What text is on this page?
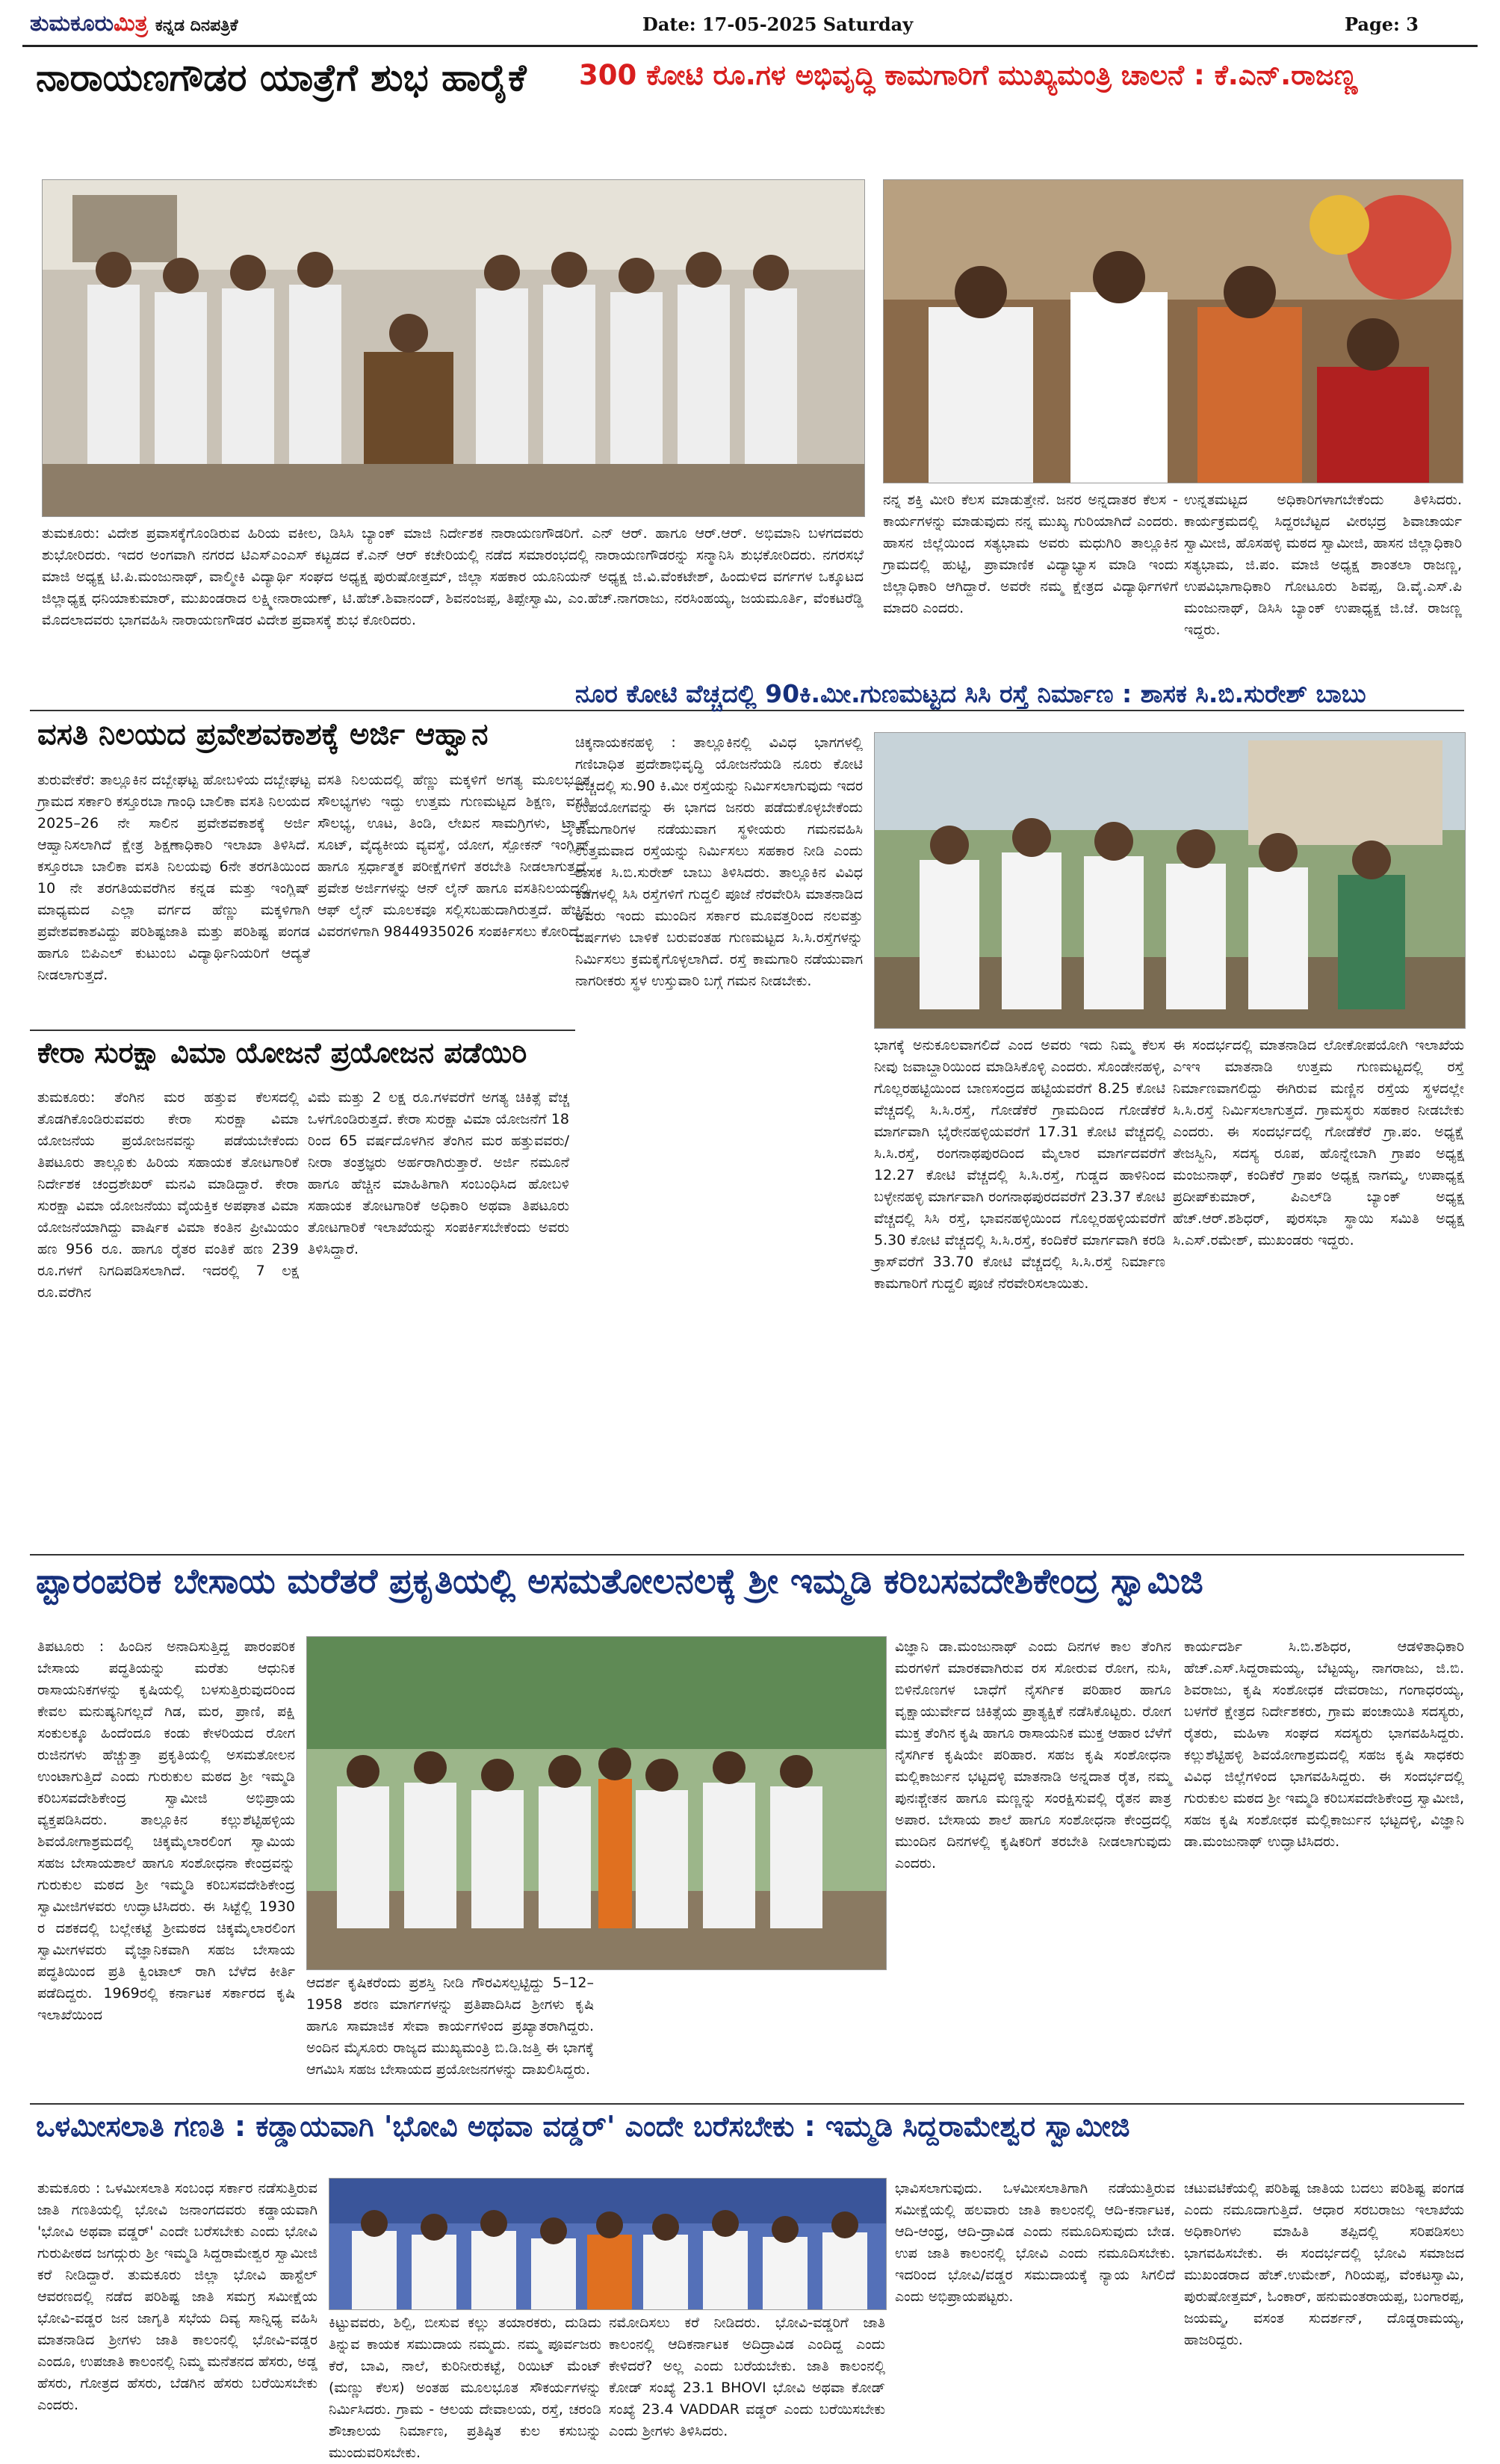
ತುಮಕೂರುಮಿತ್ರ ಕನ್ನಡ ದಿನಪತ್ರಿಕೆ	Date: 17-05-2025 Saturday	Page: 3
ನಾರಾಯಣಗೌಡರ ಯಾತ್ರೆಗೆ ಶುಭ ಹಾರೈಕೆ	300 ಕೋಟಿ ರೂ.ಗಳ ಅಭಿವೃದ್ಧಿ ಕಾಮಗಾರಿಗೆ ಮುಖ್ಯಮಂತ್ರಿ ಚಾಲನೆ : ಕೆ.ಎನ್.ರಾಜಣ್ಣ
ತುಮಕೂರು: ವಿದೇಶ ಪ್ರವಾಸಕ್ಕೆಗೊಂಡಿರುವ ಹಿರಿಯ ವಕೀಲ, ಡಿಸಿಸಿ ಬ್ಯಾಂಕ್ ಮಾಜಿ ನಿರ್ದೇಶಕ ನಾರಾಯಣಗೌಡರಿಗೆ. ಎನ್ ಆರ್. ಹಾಗೂ ಆರ್.ಆರ್. ಅಭಿಮಾನಿ ಬಳಗದವರು ಶುಭೋರಿದರು. ಇದರ ಅಂಗವಾಗಿ ನಗರದ ಟಿಎಸ್ಎಂಎಸ್ ಕಟ್ಟಡದ ಕೆ.ಎನ್ ಆರ್ ಕಚೇರಿಯಲ್ಲಿ ನಡೆದ ಸಮಾರಂಭದಲ್ಲಿ ನಾರಾಯಣಗೌಡರನ್ನು ಸನ್ಮಾನಿಸಿ ಶುಭಕೋರಿದರು. ನಗರಸಭೆ ಮಾಜಿ ಅಧ್ಯಕ್ಷ ಟಿ.ಪಿ.ಮಂಜುನಾಥ್, ವಾಲ್ಮೀಕಿ ವಿದ್ಯಾರ್ಥಿ ಸಂಘದ ಅಧ್ಯಕ್ಷ ಪುರುಷೋತ್ತಮ್, ಜಿಲ್ಲಾ ಸಹಕಾರ ಯೂನಿಯನ್ ಅಧ್ಯಕ್ಷ ಜಿ.ವಿ.ವೆಂಕಟೇಶ್, ಹಿಂದುಳಿದ ವರ್ಗಗಳ ಒಕ್ಕೂಟದ ಜಿಲ್ಲಾಧ್ಯಕ್ಷ ಧನಿಯಾಕುಮಾರ್, ಮುಖಂಡರಾದ ಲಕ್ಷ್ಮೀನಾರಾಯಣ್, ಟಿ.ಹೆಚ್.ಶಿವಾನಂದ್, ಶಿವನಂಜಪ್ಪ, ತಿಪ್ಪೇಸ್ವಾಮಿ, ಎಂ.ಹೆಚ್.ನಾಗರಾಜು, ನರಸಿಂಹಯ್ಯ, ಜಯಮೂರ್ತಿ, ವೆಂಕಟರೆಡ್ಡಿ ಮೊದಲಾದವರು ಭಾಗವಹಿಸಿ ನಾರಾಯಣಗೌಡರ ವಿದೇಶ ಪ್ರವಾಸಕ್ಕೆ ಶುಭ ಕೋರಿದರು.
ನನ್ನ ಶಕ್ತಿ ಮೀರಿ ಕೆಲಸ ಮಾಡುತ್ತೇನೆ. ಜನರ ಅನ್ನದಾತರ ಕೆಲಸ - ಕಾರ್ಯಗಳನ್ನು ಮಾಡುವುದು ನನ್ನ ಮುಖ್ಯ ಗುರಿಯಾಗಿದೆ ಎಂದರು. ಹಾಸನ ಜಿಲ್ಲೆಯಿಂದ ಸತ್ಯಭಾಮ ಅವರು ಮಧುಗಿರಿ ತಾಲ್ಲೂಕಿನ ಗ್ರಾಮದಲ್ಲಿ ಹುಟ್ಟಿ, ಪ್ರಾಮಾಣಿಕ ವಿದ್ಯಾಭ್ಯಾಸ ಮಾಡಿ ಇಂದು ಜಿಲ್ಲಾಧಿಕಾರಿ ಆಗಿದ್ದಾರೆ. ಅವರೇ ನಮ್ಮ ಕ್ಷೇತ್ರದ ವಿದ್ಯಾರ್ಥಿಗಳಿಗೆ ಮಾದರಿ ಎಂದರು.
ಉನ್ನತಮಟ್ಟದ ಅಧಿಕಾರಿಗಳಾಗಬೇಕೆಂದು ತಿಳಿಸಿದರು. ಕಾರ್ಯಕ್ರಮದಲ್ಲಿ ಸಿದ್ದರಬೆಟ್ಟದ ವೀರಭದ್ರ ಶಿವಾಚಾರ್ಯ ಸ್ವಾಮೀಜಿ, ಹೊಸಹಳ್ಳಿ ಮಠದ ಸ್ವಾಮೀಜಿ, ಹಾಸನ ಜಿಲ್ಲಾಧಿಕಾರಿ ಸತ್ಯಭಾಮ, ಜಿ.ಪಂ. ಮಾಜಿ ಅಧ್ಯಕ್ಷ ಶಾಂತಲಾ ರಾಜಣ್ಣ, ಉಪವಿಭಾಗಾಧಿಕಾರಿ ಗೋಟೂರು ಶಿವಪ್ಪ, ಡಿ.ವೈ.ಎಸ್.ಪಿ ಮಂಜುನಾಥ್, ಡಿಸಿಸಿ ಬ್ಯಾಂಕ್ ಉಪಾಧ್ಯಕ್ಷ ಜಿ.ಜೆ. ರಾಜಣ್ಣ ಇದ್ದರು.
ವಸತಿ ನಿಲಯದ ಪ್ರವೇಶವಕಾಶಕ್ಕೆ ಅರ್ಜಿ ಆಹ್ವಾನ
ನೂರ ಕೋಟಿ ವೆಚ್ಚದಲ್ಲಿ 90ಕಿ.ಮೀ.ಗುಣಮಟ್ಟದ ಸಿಸಿ ರಸ್ತೆ ನಿರ್ಮಾಣ : ಶಾಸಕ ಸಿ.ಬಿ.ಸುರೇಶ್ ಬಾಬು
ತುರುವೇಕೆರೆ: ತಾಲ್ಲೂಕಿನ ದಬ್ಬೇಘಟ್ಟ ಹೋಬಳಿಯ ದಬ್ಬೇಘಟ್ಟ ಗ್ರಾಮದ ಸರ್ಕಾರಿ ಕಸ್ತೂರಬಾ ಗಾಂಧಿ ಬಾಲಿಕಾ ವಸತಿ ನಿಲಯದ 2025–26 ನೇ ಸಾಲಿನ ಪ್ರವೇಶವಕಾಶಕ್ಕೆ ಅರ್ಜಿ ಆಹ್ವಾನಿಸಲಾಗಿದೆ ಕ್ಷೇತ್ರ ಶಿಕ್ಷಣಾಧಿಕಾರಿ ಇಲಾಖಾ ತಿಳಿಸಿದೆ. ಕಸ್ತೂರಬಾ ಬಾಲಿಕಾ ವಸತಿ ನಿಲಯವು 6ನೇ ತರಗತಿಯಿಂದ 10 ನೇ ತರಗತಿಯವರೆಗಿನ ಕನ್ನಡ ಮತ್ತು ಇಂಗ್ಲಿಷ್ ಮಾಧ್ಯಮದ ಎಲ್ಲಾ ವರ್ಗದ ಹೆಣ್ಣು ಮಕ್ಕಳಿಗಾಗಿ ಪ್ರವೇಶವಕಾಶವಿದ್ದು ಪರಿಶಿಷ್ಟಜಾತಿ ಮತ್ತು ಪರಿಶಿಷ್ಟ ಪಂಗಡ ಹಾಗೂ ಬಿಪಿಎಲ್ ಕುಟುಂಬ ವಿದ್ಯಾರ್ಥಿನಿಯರಿಗೆ ಆದ್ಯತೆ ನೀಡಲಾಗುತ್ತದೆ.
ವಸತಿ ನಿಲಯದಲ್ಲಿ ಹೆಣ್ಣು ಮಕ್ಕಳಿಗೆ ಅಗತ್ಯ ಮೂಲಭೂತ ಸೌಲಭ್ಯಗಳು ಇದ್ದು ಉತ್ತಮ ಗುಣಮಟ್ಟದ ಶಿಕ್ಷಣ, ವಸತಿ ಸೌಲಭ್ಯ, ಊಟ, ತಿಂಡಿ, ಲೇಖನ ಸಾಮಗ್ರಿಗಳು, ಟ್ರ್ಯಾಕ್ ಸೂಟ್, ವೈದ್ಯಕೀಯ ವ್ಯವಸ್ಥೆ, ಯೋಗ, ಸ್ಪೋಕನ್ ಇಂಗ್ಲಿಷ್ ಹಾಗೂ ಸ್ಪರ್ಧಾತ್ಮಕ ಪರೀಕ್ಷೆಗಳಿಗೆ ತರಬೇತಿ ನೀಡಲಾಗುತ್ತದೆ. ಪ್ರವೇಶ ಅರ್ಜಿಗಳನ್ನು ಆನ್ ಲೈನ್ ಹಾಗೂ ವಸತಿನಿಲಯದಲ್ಲಿ ಆಫ್ ಲೈನ್ ಮೂಲಕವೂ ಸಲ್ಲಿಸಬಹುದಾಗಿರುತ್ತದೆ. ಹೆಚ್ಚಿನ ವಿವರಗಳಿಗಾಗಿ 9844935026 ಸಂಪರ್ಕಿಸಲು ಕೋರಿದೆ.
ಚಿಕ್ಕನಾಯಕನಹಳ್ಳಿ : ತಾಲ್ಲೂಕಿನಲ್ಲಿ ವಿವಿಧ ಭಾಗಗಳಲ್ಲಿ ಗಣಿಬಾಧಿತ ಪ್ರದೇಶಾಭಿವೃದ್ಧಿ ಯೋಜನೆಯಡಿ ನೂರು ಕೋಟಿ ವೆಚ್ಚದಲ್ಲಿ ಸು.90 ಕಿ.ಮೀ ರಸ್ತೆಯನ್ನು ನಿರ್ಮಿಸಲಾಗುವುದು ಇದರ ಉಪಯೋಗವನ್ನು ಈ ಭಾಗದ ಜನರು ಪಡೆದುಕೊಳ್ಳಬೇಕೆಂದು ಕಾಮಗಾರಿಗಳ ನಡೆಯುವಾಗ ಸ್ಥಳೀಯರು ಗಮನವಹಿಸಿ ಉತ್ತಮವಾದ ರಸ್ತೆಯನ್ನು ನಿರ್ಮಿಸಲು ಸಹಕಾರ ನೀಡಿ ಎಂದು ಶಾಸಕ ಸಿ.ಬಿ.ಸುರೇಶ್ ಬಾಬು ತಿಳಿಸಿದರು. ತಾಲ್ಲೂಕಿನ ವಿವಿಧ ಕಡೆಗಳಲ್ಲಿ ಸಿಸಿ ರಸ್ತೆಗಳಿಗೆ ಗುದ್ದಲಿ ಪೂಜೆ ನೆರವೇರಿಸಿ ಮಾತನಾಡಿದ ಅವರು ಇಂದು ಮುಂದಿನ ಸರ್ಕಾರ ಮೂವತ್ತರಿಂದ ನಲವತ್ತು ವರ್ಷಗಳು ಬಾಳಿಕೆ ಬರುವಂತಹ ಗುಣಮಟ್ಟದ ಸಿ.ಸಿ.ರಸ್ತೆಗಳನ್ನು ನಿರ್ಮಿಸಲು ಕ್ರಮಕೈಗೊಳ್ಳಲಾಗಿದೆ. ರಸ್ತೆ ಕಾಮಗಾರಿ ನಡೆಯುವಾಗ ನಾಗರೀಕರು ಸ್ಥಳ ಉಸ್ತುವಾರಿ ಬಗ್ಗೆ ಗಮನ ನೀಡಬೇಕು.
ಭಾಗಕ್ಕೆ ಅನುಕೂಲವಾಗಲಿದೆ ಎಂದ ಅವರು ಇದು ನಿಮ್ಮ ಕೆಲಸ ನೀವು ಜವಾಬ್ದಾರಿಯಿಂದ ಮಾಡಿಸಿಕೊಳ್ಳಿ ಎಂದರು. ಸೊಂಡೇನಹಳ್ಳಿ, ಗೊಲ್ಲರಹಟ್ಟಿಯಿಂದ ಬಾಣಸಂದ್ರದ ಹಟ್ಟಿಯವರೆಗೆ 8.25 ಕೋಟಿ ವೆಚ್ಚದಲ್ಲಿ ಸಿ.ಸಿ.ರಸ್ತೆ, ಗೋಡೆಕೆರೆ ಗ್ರಾಮದಿಂದ ಗೋಡೆಕೆರೆ ಮಾರ್ಗವಾಗಿ ಭೈರೇನಹಳ್ಳಿಯವರೆಗೆ 17.31 ಕೋಟಿ ವೆಚ್ಚದಲ್ಲಿ ಸಿ.ಸಿ.ರಸ್ತೆ, ರಂಗನಾಥಪುರದಿಂದ ಮೈಲಾರ ಮಾರ್ಗದವರೆಗೆ 12.27 ಕೋಟಿ ವೆಚ್ಚದಲ್ಲಿ ಸಿ.ಸಿ.ರಸ್ತೆ, ಗುಡ್ಡದ ಹಾಳಿನಿಂದ ಬಳ್ಳೇನಹಳ್ಳಿ ಮಾರ್ಗವಾಗಿ ರಂಗನಾಥಪುರದವರೆಗೆ 23.37 ಕೋಟಿ ವೆಚ್ಚದಲ್ಲಿ ಸಿಸಿ ರಸ್ತೆ, ಭಾವನಹಳ್ಳಿಯಿಂದ ಗೊಲ್ಲರಹಳ್ಳಿಯವರೆಗೆ 5.30 ಕೋಟಿ ವೆಚ್ಚದಲ್ಲಿ ಸಿ.ಸಿ.ರಸ್ತೆ, ಕಂದಿಕೆರೆ ಮಾರ್ಗವಾಗಿ ಕರಡಿ ಕ್ರಾಸ್‌ವರೆಗೆ 33.70 ಕೋಟಿ ವೆಚ್ಚದಲ್ಲಿ ಸಿ.ಸಿ.ರಸ್ತೆ ನಿರ್ಮಾಣ ಕಾಮಗಾರಿಗೆ ಗುದ್ದಲಿ ಪೂಜೆ ನೆರವೇರಿಸಲಾಯಿತು.
ಈ ಸಂದರ್ಭದಲ್ಲಿ ಮಾತನಾಡಿದ ಲೋಕೋಪಯೋಗಿ ಇಲಾಖೆಯ ಎಇಇ ಮಾತನಾಡಿ ಉತ್ತಮ ಗುಣಮಟ್ಟದಲ್ಲಿ ರಸ್ತೆ ನಿರ್ಮಾಣವಾಗಲಿದ್ದು ಈಗಿರುವ ಮಣ್ಣಿನ ರಸ್ತೆಯ ಸ್ಥಳದಲ್ಲೇ ಸಿ.ಸಿ.ರಸ್ತೆ ನಿರ್ಮಿಸಲಾಗುತ್ತದೆ. ಗ್ರಾಮಸ್ಥರು ಸಹಕಾರ ನೀಡಬೇಕು ಎಂದರು. ಈ ಸಂದರ್ಭದಲ್ಲಿ ಗೋಡೆಕೆರೆ ಗ್ರಾ.ಪಂ. ಅಧ್ಯಕ್ಷೆ ತೇಜಸ್ವಿನಿ, ಸದಸ್ಯ ರೂಪ, ಹೊನ್ನೇಬಾಗಿ ಗ್ರಾಪಂ ಅಧ್ಯಕ್ಷ ಮಂಜುನಾಥ್, ಕಂದಿಕೆರೆ ಗ್ರಾಪಂ ಅಧ್ಯಕ್ಷ ನಾಗಮ್ಮ, ಉಪಾಧ್ಯಕ್ಷ ಪ್ರದೀಪ್‌ಕುಮಾರ್, ಪಿಎಲ್‌ಡಿ ಬ್ಯಾಂಕ್ ಅಧ್ಯಕ್ಷ ಹೆಚ್.ಆರ್.ಶಶಿಧರ್, ಪುರಸಭಾ ಸ್ಥಾಯಿ ಸಮಿತಿ ಅಧ್ಯಕ್ಷ ಸಿ.ಎಸ್.ರಮೇಶ್, ಮುಖಂಡರು ಇದ್ದರು.
ಕೇರಾ ಸುರಕ್ಷಾ ವಿಮಾ ಯೋಜನೆ ಪ್ರಯೋಜನ ಪಡೆಯಿರಿ
ತುಮಕೂರು: ತೆಂಗಿನ ಮರ ಹತ್ತುವ ಕೆಲಸದಲ್ಲಿ ತೊಡಗಿಕೊಂಡಿರುವವರು ಕೇರಾ ಸುರಕ್ಷಾ ವಿಮಾ ಯೋಜನೆಯ ಪ್ರಯೋಜನವನ್ನು ಪಡೆಯಬೇಕೆಂದು ತಿಪಟೂರು ತಾಲ್ಲೂಕು ಹಿರಿಯ ಸಹಾಯಕ ತೋಟಗಾರಿಕೆ ನಿರ್ದೇಶಕ ಚಂದ್ರಶೇಖರ್ ಮನವಿ ಮಾಡಿದ್ದಾರೆ. ಕೇರಾ ಸುರಕ್ಷಾ ವಿಮಾ ಯೋಜನೆಯು ವೈಯಕ್ತಿಕ ಅಪಘಾತ ವಿಮಾ ಯೋಜನೆಯಾಗಿದ್ದು ವಾರ್ಷಿಕ ವಿಮಾ ಕಂತಿನ ಪ್ರೀಮಿಯಂ ಹಣ 956 ರೂ. ಹಾಗೂ ರೈತರ ವಂತಿಕೆ ಹಣ 239 ರೂ.ಗಳಗೆ ನಿಗದಿಪಡಿಸಲಾಗಿದೆ. ಇದರಲ್ಲಿ 7 ಲಕ್ಷ ರೂ.ವರೆಗಿನ
ವಿಮೆ ಮತ್ತು 2 ಲಕ್ಷ ರೂ.ಗಳವರೆಗೆ ಅಗತ್ಯ ಚಿಕಿತ್ಸೆ ವೆಚ್ಚ ಒಳಗೊಂಡಿರುತ್ತದೆ. ಕೇರಾ ಸುರಕ್ಷಾ ವಿಮಾ ಯೋಜನೆಗೆ 18 ರಿಂದ 65 ವರ್ಷದೊಳಗಿನ ತೆಂಗಿನ ಮರ ಹತ್ತುವವರು/ ನೀರಾ ತಂತ್ರಜ್ಞರು ಅರ್ಹರಾಗಿರುತ್ತಾರೆ. ಅರ್ಜಿ ನಮೂನೆ ಹಾಗೂ ಹೆಚ್ಚಿನ ಮಾಹಿತಿಗಾಗಿ ಸಂಬಂಧಿಸಿದ ಹೋಬಳಿ ಸಹಾಯಕ ತೋಟಗಾರಿಕೆ ಅಧಿಕಾರಿ ಅಥವಾ ತಿಪಟೂರು ತೋಟಗಾರಿಕೆ ಇಲಾಖೆಯನ್ನು ಸಂಪರ್ಕಿಸಬೇಕೆಂದು ಅವರು ತಿಳಿಸಿದ್ದಾರೆ.
ಪ್ಟಾರಂಪರಿಕ ಬೇಸಾಯ ಮರೆತರೆ ಪ್ರಕೃತಿಯಲ್ಲಿ ಅಸಮತೋಲನಲಕ್ಕೆ ಶ್ರೀ ಇಮ್ಮಡಿ ಕರಿಬಸವದೇಶಿಕೇಂದ್ರ ಸ್ವಾಮಿಜಿ
ತಿಪಟೂರು : ಹಿಂದಿನ ಅನಾದಿಸುತ್ತಿದ್ದ ಪಾರಂಪರಿಕ ಬೇಸಾಯ ಪದ್ಧತಿಯನ್ನು ಮರೆತು ಆಧುನಿಕ ರಾಸಾಯನಿಕಗಳನ್ನು ಕೃಷಿಯಲ್ಲಿ ಬಳಸುತ್ತಿರುವುದರಿಂದ ಕೇವಲ ಮನುಷ್ಯನಿಗಲ್ಲದೆ ಗಿಡ, ಮರ, ಪ್ರಾಣಿ, ಪಕ್ಷಿ ಸಂಕುಲಕ್ಕೂ ಹಿಂದೆಂದೂ ಕಂಡು ಕೇಳರಿಯದ ರೋಗ ರುಜಿನಗಳು ಹೆಚ್ಚುತ್ತಾ ಪ್ರಕೃತಿಯಲ್ಲಿ ಅಸಮತೋಲನ ಉಂಟಾಗುತ್ತಿದೆ ಎಂದು ಗುರುಕುಲ ಮಠದ ಶ್ರೀ ಇಮ್ಮಡಿ ಕರಿಬಸವದೇಶಿಕೇಂದ್ರ ಸ್ವಾಮೀಜಿ ಅಭಿಪ್ರಾಯ ವ್ಯಕ್ತಪಡಿಸಿದರು. ತಾಲ್ಲೂಕಿನ ಕಲ್ಲುಶೆಟ್ಟಿಹಳ್ಳಿಯ ಶಿವಯೋಗಾಶ್ರಮದಲ್ಲಿ ಚಿಕ್ಕಮೈಲಾರಲಿಂಗ ಸ್ವಾಮಿಯ ಸಹಜ ಬೇಸಾಯಶಾಲೆ ಹಾಗೂ ಸಂಶೋಧನಾ ಕೇಂದ್ರವನ್ನು ಗುರುಕುಲ ಮಠದ ಶ್ರೀ ಇಮ್ಮಡಿ ಕರಿಬಸವದೇಶಿಕೇಂದ್ರ ಸ್ವಾಮೀಜಿಗಳವರು ಉದ್ಘಾಟಿಸಿದರು. ಈ ಸಿಟ್ಟೆಲ್ಲಿ 1930 ರ ದಶಕದಲ್ಲಿ ಬಲ್ಲೇಕಟ್ಟೆ ಶ್ರೀಮಠದ ಚಿಕ್ಕಮೈಲಾರಲಿಂಗ ಸ್ವಾಮೀಗಳವರು ವೈಜ್ಞಾನಿಕವಾಗಿ ಸಹಜ ಬೇಸಾಯ ಪದ್ಧತಿಯಿಂದ ಪ್ರತಿ ಕ್ವಿಂಟಾಲ್ ರಾಗಿ ಬೆಳೆದ ಕೀರ್ತಿ ಪಡೆದಿದ್ದರು. 1969ರಲ್ಲಿ ಕರ್ನಾಟಕ ಸರ್ಕಾರದ ಕೃಷಿ ಇಲಾಖೆಯಿಂದ
ಆದರ್ಶ ಕೃಷಿಕರೆಂದು ಪ್ರಶಸ್ತಿ ನೀಡಿ ಗೌರವಿಸಲ್ಪಟ್ಟಿದ್ದು 5–12–1958 ಶರಣ ಮಾರ್ಗಗಳನ್ನು ಪ್ರತಿಪಾದಿಸಿದ ಶ್ರೀಗಳು ಕೃಷಿ ಹಾಗೂ ಸಾಮಾಜಿಕ ಸೇವಾ ಕಾರ್ಯಗಳಿಂದ ಪ್ರಖ್ಯಾತರಾಗಿದ್ದರು. ಅಂದಿನ ಮೈಸೂರು ರಾಜ್ಯದ ಮುಖ್ಯಮಂತ್ರಿ ಬಿ.ಡಿ.ಜತ್ತಿ ಈ ಭಾಗಕ್ಕೆ ಆಗಮಿಸಿ ಸಹಜ ಬೇಸಾಯದ ಪ್ರಯೋಜನಗಳನ್ನು ದಾಖಲಿಸಿದ್ದರು.
ವಿಜ್ಞಾನಿ ಡಾ.ಮಂಜುನಾಥ್ ಎಂದು ದಿನಗಳ ಕಾಲ ತೆಂಗಿನ ಮರಗಳಿಗೆ ಮಾರಕವಾಗಿರುವ ರಸ ಸೋರುವ ರೋಗ, ನುಸಿ, ಬಿಳಿನೊಣಗಳ ಬಾಧೆಗೆ ನೈಸರ್ಗಿಕ ಪರಿಹಾರ ಹಾಗೂ ವೃಕ್ಷಾಯುರ್ವೇದ ಚಿಕಿತ್ಸೆಯ ಪ್ರಾತ್ಯಕ್ಷಿಕೆ ನಡೆಸಿಕೊಟ್ಟರು. ರೋಗ ಮುಕ್ತ ತೆಂಗಿನ ಕೃಷಿ ಹಾಗೂ ರಾಸಾಯನಿಕ ಮುಕ್ತ ಆಹಾರ ಬೆಳೆಗೆ ನೈಸರ್ಗಿಕ ಕೃಷಿಯೇ ಪರಿಹಾರ. ಸಹಜ ಕೃಷಿ ಸಂಶೋಧನಾ ಮಲ್ಲಿಕಾರ್ಜುನ ಭಟ್ಟದಳ್ಳಿ ಮಾತನಾಡಿ ಅನ್ನದಾತ ರೈತ, ನಮ್ಮ ಪುನಃಶ್ಚೇತನ ಹಾಗೂ ಮಣ್ಣನ್ನು ಸಂರಕ್ಷಿಸುವಲ್ಲಿ ರೈತನ ಪಾತ್ರ ಅಪಾರ. ಬೇಸಾಯ ಶಾಲೆ ಹಾಗೂ ಸಂಶೋಧನಾ ಕೇಂದ್ರದಲ್ಲಿ ಮುಂದಿನ ದಿನಗಳಲ್ಲಿ ಕೃಷಿಕರಿಗೆ ತರಬೇತಿ ನೀಡಲಾಗುವುದು ಎಂದರು.
ಕಾರ್ಯದರ್ಶಿ ಸಿ.ಬಿ.ಶಶಿಧರ, ಆಡಳಿತಾಧಿಕಾರಿ ಹೆಚ್.ಎಸ್.ಸಿದ್ದರಾಮಯ್ಯ, ಬೆಟ್ಟಯ್ಯ, ನಾಗರಾಜು, ಜಿ.ಬಿ. ಶಿವರಾಜು, ಕೃಷಿ ಸಂಶೋಧಕ ದೇವರಾಜು, ಗಂಗಾಧರಯ್ಯ, ಬಳಗೆರೆ ಕ್ಷೇತ್ರದ ನಿರ್ದೇಶಕರು, ಗ್ರಾಮ ಪಂಚಾಯಿತಿ ಸದಸ್ಯರು, ರೈತರು, ಮಹಿಳಾ ಸಂಘದ ಸದಸ್ಯರು ಭಾಗವಹಿಸಿದ್ದರು. ಕಲ್ಲುಶೆಟ್ಟಿಹಳ್ಳಿ ಶಿವಯೋಗಾಶ್ರಮದಲ್ಲಿ ಸಹಜ ಕೃಷಿ ಸಾಧಕರು ವಿವಿಧ ಜಿಲ್ಲೆಗಳಿಂದ ಭಾಗವಹಿಸಿದ್ದರು. ಈ ಸಂದರ್ಭದಲ್ಲಿ ಗುರುಕುಲ ಮಠದ ಶ್ರೀ ಇಮ್ಮಡಿ ಕರಿಬಸವದೇಶಿಕೇಂದ್ರ ಸ್ವಾಮೀಜಿ, ಸಹಜ ಕೃಷಿ ಸಂಶೋಧಕ ಮಲ್ಲಿಕಾರ್ಜುನ ಭಟ್ಟದಳ್ಳಿ, ವಿಜ್ಞಾನಿ ಡಾ.ಮಂಜುನಾಥ್ ಉದ್ಘಾಟಿಸಿದರು.
ಒಳಮೀಸಲಾತಿ ಗಣತಿ : ಕಡ್ಡಾಯವಾಗಿ 'ಭೋವಿ ಅಥವಾ ವಡ್ಡರ್' ಎಂದೇ ಬರೆಸಬೇಕು : ಇಮ್ಮಡಿ ಸಿದ್ದರಾಮೇಶ್ವರ ಸ್ವಾಮೀಜಿ
ತುಮಕೂರು : ಒಳಮೀಸಲಾತಿ ಸಂಬಂಧ ಸರ್ಕಾರ ನಡೆಸುತ್ತಿರುವ ಜಾತಿ ಗಣತಿಯಲ್ಲಿ ಭೋವಿ ಜನಾಂಗದವರು ಕಡ್ಡಾಯವಾಗಿ 'ಭೋವಿ ಅಥವಾ ವಡ್ಡರ್' ಎಂದೇ ಬರೆಸಬೇಕು ಎಂದು ಭೋವಿ ಗುರುಪೀಠದ ಜಗದ್ಗುರು ಶ್ರೀ ಇಮ್ಮಡಿ ಸಿದ್ದರಾಮೇಶ್ವರ ಸ್ವಾಮೀಜಿ ಕರೆ ನೀಡಿದ್ದಾರೆ. ತುಮಕೂರು ಜಿಲ್ಲಾ ಭೋವಿ ಹಾಸ್ಟೆಲ್ ಆವರಣದಲ್ಲಿ ನಡೆದ ಪರಿಶಿಷ್ಟ ಜಾತಿ ಸಮಗ್ರ ಸಮೀಕ್ಷೆಯ ಭೋವಿ-ವಡ್ಡರ ಜನ ಜಾಗೃತಿ ಸಭೆಯ ದಿವ್ಯ ಸಾನ್ನಿಧ್ಯ ವಹಿಸಿ ಮಾತನಾಡಿದ ಶ್ರೀಗಳು ಜಾತಿ ಕಾಲಂನಲ್ಲಿ ಭೋವಿ-ವಡ್ಡರ ಎಂದೂ, ಉಪಜಾತಿ ಕಾಲಂನಲ್ಲಿ ನಿಮ್ಮ ಮನೆತನದ ಹೆಸರು, ಅಡ್ಡ ಹೆಸರು, ಗೋತ್ರದ ಹೆಸರು, ಬೆಡಗಿನ ಹೆಸರು ಬರೆಯಿಸಬೇಕು ಎಂದರು.
ಕಿಟ್ಟುವವರು, ಶಿಲ್ಪಿ, ಬೀಸುವ ಕಲ್ಲು ತಯಾರಕರು, ದುಡಿದು ತಿನ್ನುವ ಕಾಯಕ ಸಮುದಾಯ ನಮ್ಮದು. ನಮ್ಮ ಪೂರ್ವಜರು ಕೆರೆ, ಬಾವಿ, ನಾಲೆ, ಕುರಿನೀರುಕಟ್ಟೆ, ರಿಯಿಟ್ ಮೆಂಟ್ (ಮಣ್ಣು ಕೆಲಸ) ಅಂತಹ ಮೂಲಭೂತ ಸೌಕರ್ಯಗಳನ್ನು ನಿರ್ಮಿಸಿದರು. ಗ್ರಾಮ - ಆಲಯ ದೇವಾಲಯ, ರಸ್ತೆ, ಚರಂಡಿ ಶೌಚಾಲಯ ನಿರ್ಮಾಣ, ಪ್ರತಿಷ್ಠಿತ ಕುಲ ಕಸುಬನ್ನು ಮುಂದುವರಿಸಬೇಕು.
ನಮೋದಿಸಲು ಕರೆ ನೀಡಿದರು. ಭೋವಿ-ವಡ್ಡರಿಗೆ ಜಾತಿ ಕಾಲಂನಲ್ಲಿ ಆದಿಕರ್ನಾಟಕ ಅದಿದ್ರಾವಿಡ ಎಂದಿದ್ದ ಎಂದು ಕೇಳಿದರೆ? ಅಲ್ಲ ಎಂದು ಬರೆಯಬೇಕು. ಜಾತಿ ಕಾಲಂನಲ್ಲಿ ಕೋಡ್ ಸಂಖ್ಯೆ 23.1 BHOVI ಭೋವಿ ಅಥವಾ ಕೋಡ್ ಸಂಖ್ಯೆ 23.4 VADDAR ವಡ್ಡರ್ ಎಂದು ಬರೆಯಿಸಬೇಕು ಎಂದು ಶ್ರೀಗಳು ತಿಳಿಸಿದರು.
ಭಾವಿಸಲಾಗುವುದು. ಒಳಮೀಸಲಾತಿಗಾಗಿ ನಡೆಯುತ್ತಿರುವ ಸಮೀಕ್ಷೆಯಲ್ಲಿ ಹಲವಾರು ಜಾತಿ ಕಾಲಂನಲ್ಲಿ ಆದಿ-ಕರ್ನಾಟಕ, ಆದಿ-ಆಂಧ್ರ, ಆದಿ-ದ್ರಾವಿಡ ಎಂದು ನಮೂದಿಸುವುದು ಬೇಡ. ಉಪ ಜಾತಿ ಕಾಲಂನಲ್ಲಿ ಭೋವಿ ಎಂದು ನಮೂದಿಸಬೇಕು. ಇದರಿಂದ ಭೋವಿ/ವಡ್ಡರ ಸಮುದಾಯಕ್ಕೆ ನ್ಯಾಯ ಸಿಗಲಿದೆ ಎಂದು ಅಭಿಪ್ರಾಯಪಟ್ಟರು.
ಚಟುವಟಿಕೆಯಲ್ಲಿ ಪರಿಶಿಷ್ಟ ಜಾತಿಯ ಬದಲು ಪರಿಶಿಷ್ಟ ಪಂಗಡ ಎಂದು ನಮೂದಾಗುತ್ತಿದೆ. ಆಧಾರ ಸರಬರಾಜು ಇಲಾಖೆಯ ಅಧಿಕಾರಿಗಳು ಮಾಹಿತಿ ತಪ್ಪಿದಲ್ಲಿ ಸರಿಪಡಿಸಲು ಭಾಗವಹಿಸಬೇಕು. ಈ ಸಂದರ್ಭದಲ್ಲಿ ಭೋವಿ ಸಮಾಜದ ಮುಖಂಡರಾದ ಹೆಚ್.ಉಮೇಶ್, ಗಿರಿಯಪ್ಪ, ವೆಂಕಟಸ್ವಾಮಿ, ಪುರುಷೋತ್ತಮ್, ಓಂಕಾರ್, ಹನುಮಂತರಾಯಪ್ಪ, ಬಂಗಾರಪ್ಪ, ಜಯಮ್ಮ, ವಸಂತ ಸುದರ್ಶನ್, ದೊಡ್ಡರಾಮಯ್ಯ, ಹಾಜರಿದ್ದರು.
